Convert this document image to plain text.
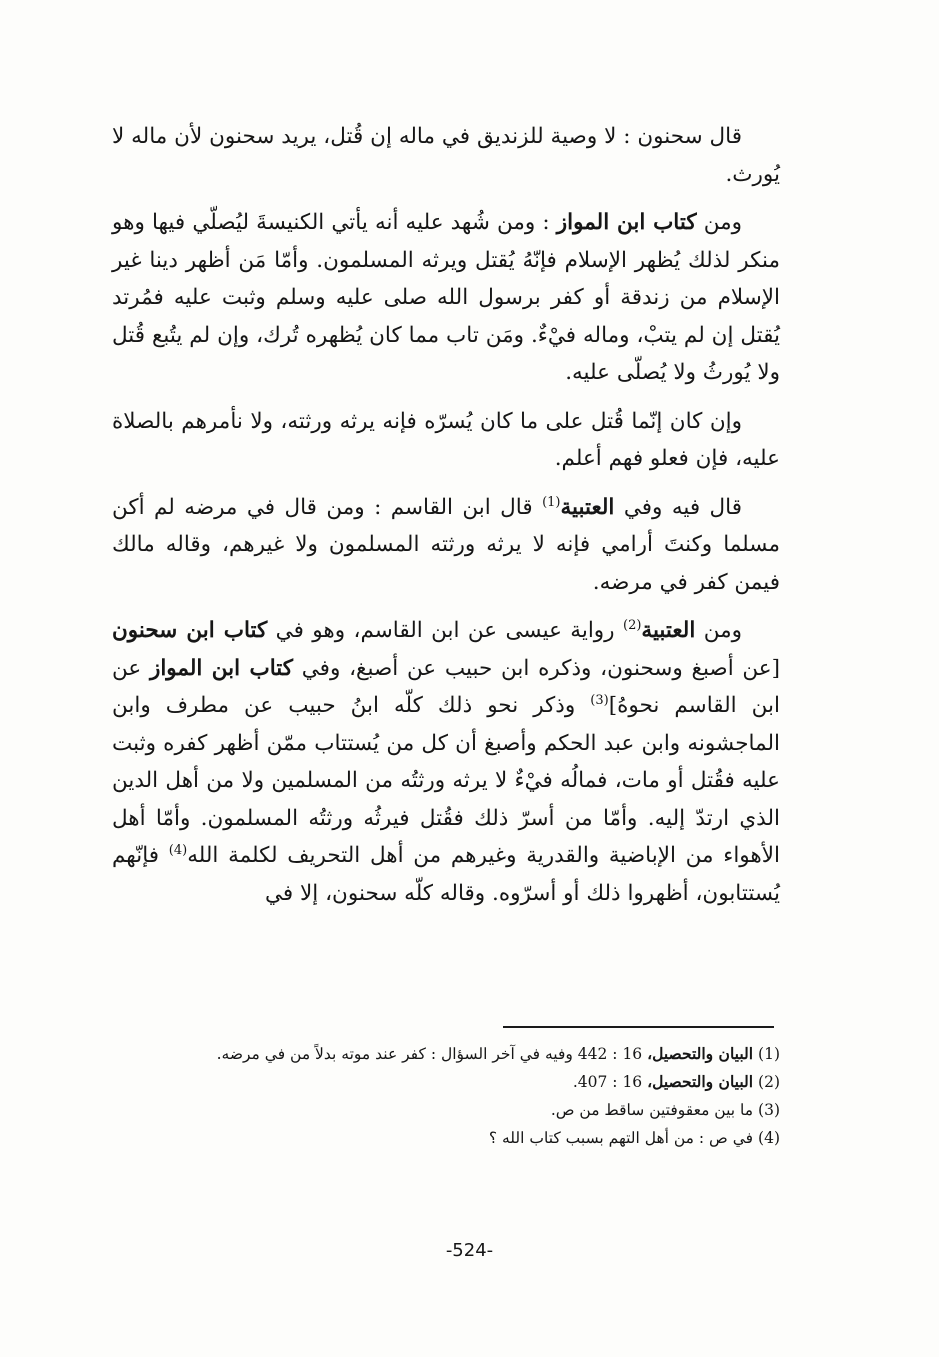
قال سحنون : لا وصية للزنديق في ماله إن قُتل، يريد سحنون لأن ماله لا يُورث.

ومن كتاب ابن المواز : ومن شُهد عليه أنه يأتي الكنيسةَ ليُصلّي فيها وهو منكر لذلك يُظهر الإسلام فإنّهُ يُقتل ويرثه المسلمون. وأمّا مَن أظهر دينا غير الإسلام من زندقة أو كفر برسول الله صلى عليه وسلم وثبت عليه فمُرتد يُقتل إن لم يتبْ، وماله فيْءٌ. ومَن تاب مما كان يُظهره تُرك، وإن لم يتُبع قُتل ولا يُورثُ ولا يُصلّى عليه.

وإن كان إنّما قُتل على ما كان يُسرّه فإنه يرثه ورثته، ولا نأمرهم بالصلاة عليه، فإن فعلو فهم أعلم.

قال فيه وفي العتبية$^{(1)}$ قال ابن القاسم : ومن قال في مرضه لم أكن مسلما وكنتَ أرامي فإنه لا يرثه ورثته المسلمون ولا غيرهم، وقاله مالك فيمن كفر في مرضه.

ومن العتبية$^{(2)}$ رواية عيسى عن ابن القاسم، وهو في كتاب ابن سحنون [عن أصبغ وسحنون، وذكره ابن حبيب عن أصبغ، وفي كتاب ابن المواز عن ابن القاسم نحوهُ]$^{(3)}$ وذكر نحو ذلك كلّه ابنُ حبيب عن مطرف وابن الماجشونه وابن عبد الحكم وأصبغ أن كل من يُستتاب ممّن أظهر كفره وثبت عليه فقُتل أو مات، فمالُه فيْءٌ لا يرثه ورثتُه من المسلمين ولا من أهل الدين الذي ارتدّ إليه. وأمّا من أسرّ ذلك فقُتل فيرثُه ورثتُه المسلمون. وأمّا أهل الأهواء من الإباضية والقدرية وغيرهم من أهل التحريف لكلمة الله$^{(4)}$ فإنّهم يُستتابون، أظهروا ذلك أو أسرّوه. وقاله كلّه سحنون، إلا في

(1) البيان والتحصيل، 16 : 442 وفيه في آخر السؤال : كفر عند موته بدلاً من في مرضه.
(2) البيان والتحصيل، 16 : 407.
(3) ما بين معقوفتين ساقط من ص.
(4) في ص : من أهل التهم بسبب كتاب الله ؟
-524-
